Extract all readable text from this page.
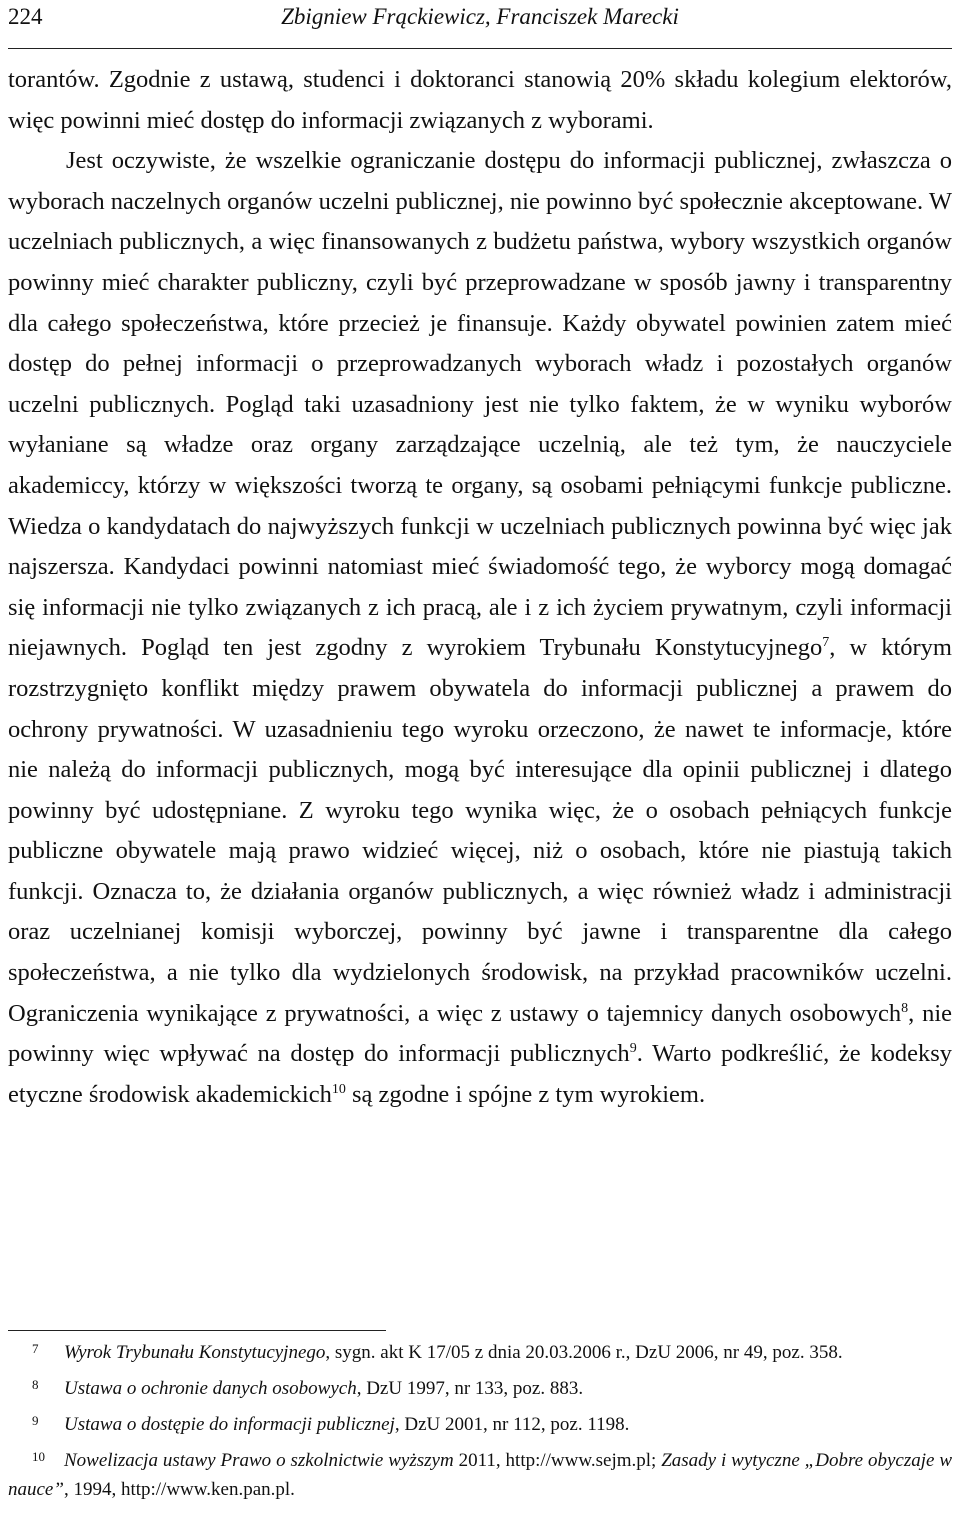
224	Zbigniew Frąckiewicz, Franciszek Marecki

torantów. Zgodnie z ustawą, studenci i doktoranci stanowią 20% składu kolegium elektorów, więc powinni mieć dostęp do informacji związanych z wyborami.

Jest oczywiste, że wszelkie ograniczanie dostępu do informacji publicznej, zwłaszcza o wyborach naczelnych organów uczelni publicznej, nie powinno być społecznie akceptowane. W uczelniach publicznych, a więc finansowanych z budżetu państwa, wybory wszystkich organów powinny mieć charakter publiczny, czyli być przeprowadzane w sposób jawny i transparentny dla całego społeczeństwa, które przecież je finansuje. Każdy obywatel powinien zatem mieć dostęp do pełnej informacji o przeprowadzanych wyborach władz i pozostałych organów uczelni publicznych. Pogląd taki uzasadniony jest nie tylko faktem, że w wyniku wyborów wyłaniane są władze oraz organy zarządzające uczelnią, ale też tym, że nauczyciele akademiccy, którzy w większości tworzą te organy, są osobami pełniącymi funkcje publiczne. Wiedza o kandydatach do najwyższych funkcji w uczelniach publicznych powinna być więc jak najszersza. Kandydaci powinni natomiast mieć świadomość tego, że wyborcy mogą domagać się informacji nie tylko związanych z ich pracą, ale i z ich życiem prywatnym, czyli informacji niejawnych. Pogląd ten jest zgodny z wyrokiem Trybunału Konstytucyjnego$^7$, w którym rozstrzygnięto konflikt między prawem obywatela do informacji publicznej a prawem do ochrony prywatności. W uzasadnieniu tego wyroku orzeczono, że nawet te informacje, które nie należą do informacji publicznych, mogą być interesujące dla opinii publicznej i dlatego powinny być udostępniane. Z wyroku tego wynika więc, że o osobach pełniących funkcje publiczne obywatele mają prawo widzieć więcej, niż o osobach, które nie piastują takich funkcji. Oznacza to, że działania organów publicznych, a więc również władz i administracji oraz uczelnianej komisji wyborczej, powinny być jawne i transparentne dla całego społeczeństwa, a nie tylko dla wydzielonych środowisk, na przykład pracowników uczelni. Ograniczenia wynikające z prywatności, a więc z ustawy o tajemnicy danych osobowych$^8$, nie powinny więc wpływać na dostęp do informacji publicznych$^9$. Warto podkreślić, że kodeksy etyczne środowisk akademickich$^{10}$ są zgodne i spójne z tym wyrokiem.

7 Wyrok Trybunału Konstytucyjnego, sygn. akt K 17/05 z dnia 20.03.2006 r., DzU 2006, nr 49, poz. 358.

8 Ustawa o ochronie danych osobowych, DzU 1997, nr 133, poz. 883.

9 Ustawa o dostępie do informacji publicznej, DzU 2001, nr 112, poz. 1198.

10 Nowelizacja ustawy Prawo o szkolnictwie wyższym 2011, http://www.sejm.pl; Zasady i wytyczne „Dobre obyczaje w nauce”, 1994, http://www.ken.pan.pl.
